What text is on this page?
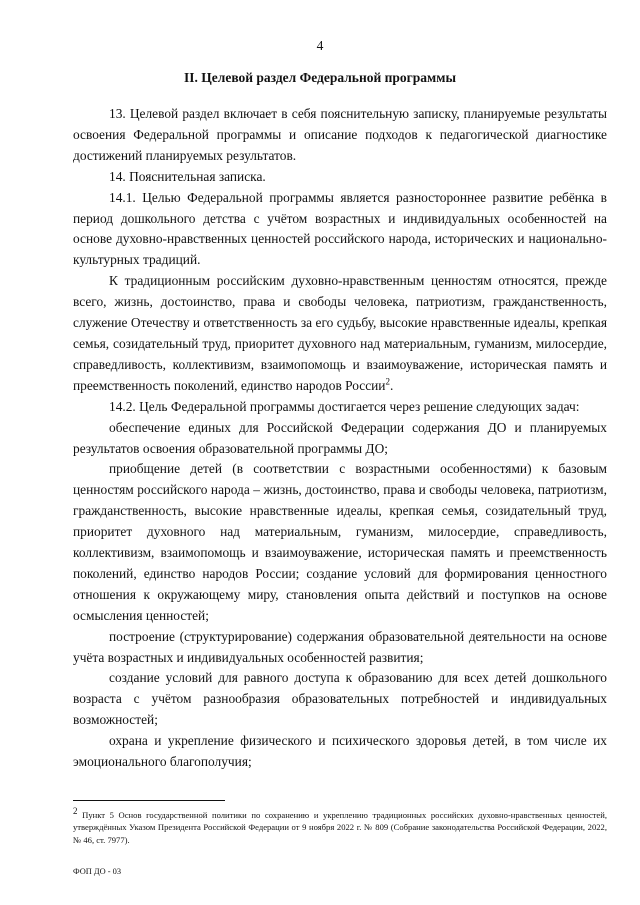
4
II. Целевой раздел Федеральной программы

13. Целевой раздел включает в себя пояснительную записку, планируемые результаты освоения Федеральной программы и описание подходов к педагогической диагностике достижений планируемых результатов.

14. Пояснительная записка.

14.1. Целью Федеральной программы является разностороннее развитие ребёнка в период дошкольного детства с учётом возрастных и индивидуальных особенностей на основе духовно-нравственных ценностей российского народа, исторических и национально-культурных традиций.

К традиционным российским духовно-нравственным ценностям относятся, прежде всего, жизнь, достоинство, права и свободы человека, патриотизм, гражданственность, служение Отечеству и ответственность за его судьбу, высокие нравственные идеалы, крепкая семья, созидательный труд, приоритет духовного над материальным, гуманизм, милосердие, справедливость, коллективизм, взаимопомощь и взаимоуважение, историческая память и преемственность поколений, единство народов России$^2$.

14.2. Цель Федеральной программы достигается через решение следующих задач:

обеспечение единых для Российской Федерации содержания ДО и планируемых результатов освоения образовательной программы ДО;

приобщение детей (в соответствии с возрастными особенностями) к базовым ценностям российского народа – жизнь, достоинство, права и свободы человека, патриотизм, гражданственность, высокие нравственные идеалы, крепкая семья, созидательный труд, приоритет духовного над материальным, гуманизм, милосердие, справедливость, коллективизм, взаимопомощь и взаимоуважение, историческая память и преемственность поколений, единство народов России; создание условий для формирования ценностного отношения к окружающему миру, становления опыта действий и поступков на основе осмысления ценностей;

построение (структурирование) содержания образовательной деятельности на основе учёта возрастных и индивидуальных особенностей развития;

создание условий для равного доступа к образованию для всех детей дошкольного возраста с учётом разнообразия образовательных потребностей и индивидуальных возможностей;

охрана и укрепление физического и психического здоровья детей, в том числе их эмоционального благополучия;

$^2$ Пункт 5 Основ государственной политики по сохранению и укреплению традиционных российских духовно-нравственных ценностей, утверждённых Указом Президента Российской Федерации от 9 ноября 2022 г. № 809 (Собрание законодательства Российской Федерации, 2022, № 46, ст. 7977).

ФОП ДО - 03
